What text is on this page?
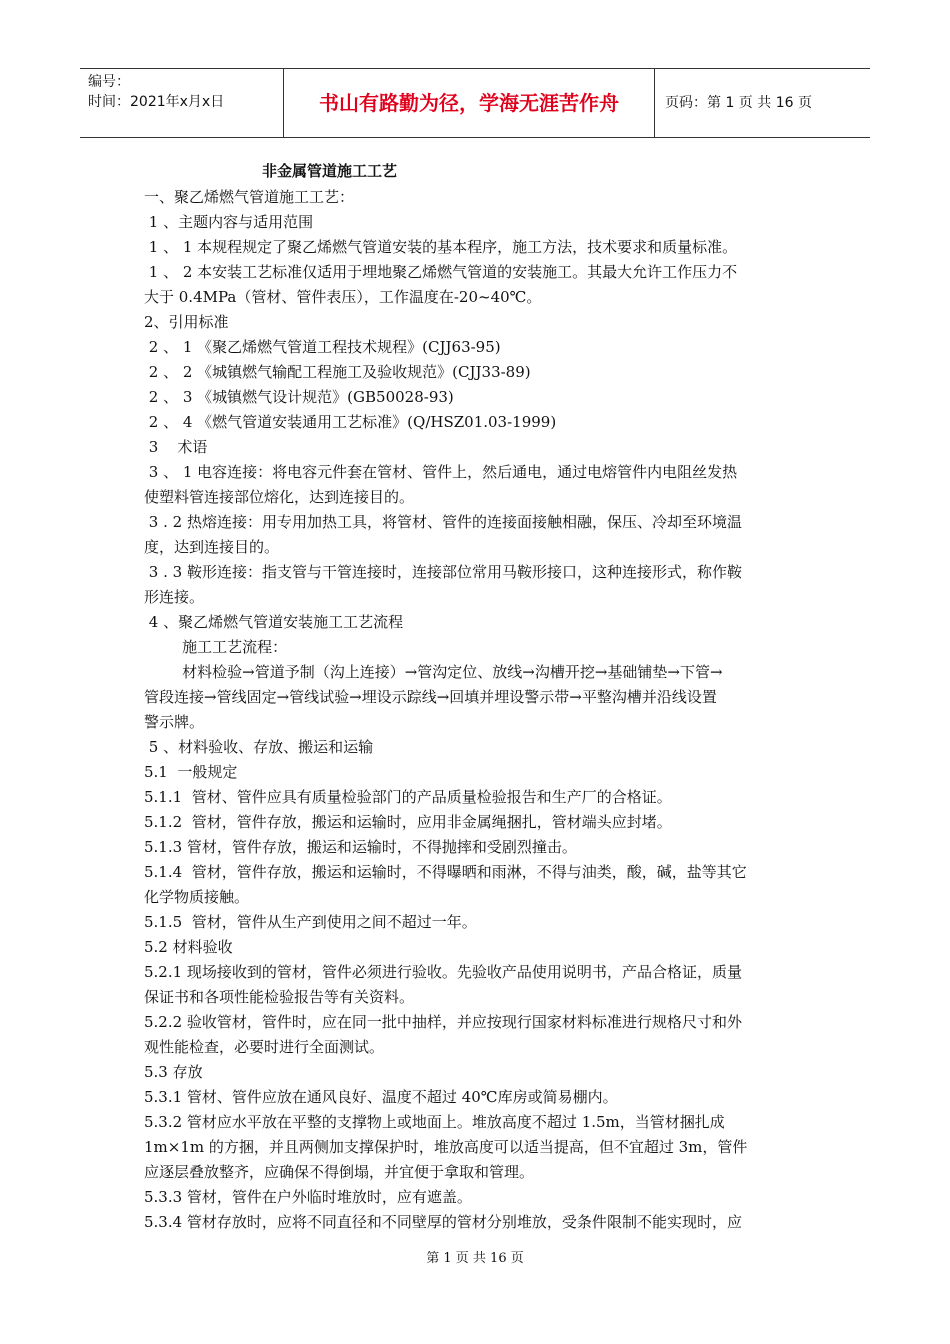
编号：
时间：2021年x月x日	书山有路勤为径，学海无涯苦作舟	页码：第 1 页 共 16 页
非金属管道施工工艺

一、聚乙烯燃气管道施工工艺：

1 、主题内容与适用范围

1 、 1 本规程规定了聚乙烯燃气管道安装的基本程序，施工方法，技术要求和质量标准。

1 、 2 本安装工艺标准仅适用于埋地聚乙烯燃气管道的安装施工。其最大允许工作压力不

大于 0.4MPa（管材、管件表压），工作温度在-20~40℃。

2、引用标准

2 、 1 《聚乙烯燃气管道工程技术规程》(CJJ63-95)

2 、 2 《城镇燃气输配工程施工及验收规范》(CJJ33-89)

2 、 3 《城镇燃气设计规范》(GB50028-93)

2 、 4 《燃气管道安装通用工艺标准》(Q/HSZ01.03-1999)

3    术语

3 、 1 电容连接：将电容元件套在管材、管件上，然后通电，通过电熔管件内电阻丝发热

使塑料管连接部位熔化，达到连接目的。

3 . 2 热熔连接：用专用加热工具，将管材、管件的连接面接触相融，保压、冷却至环境温

度，达到连接目的。

3 . 3 鞍形连接：指支管与干管连接时，连接部位常用马鞍形接口，这种连接形式，称作鞍

形连接。

4 、聚乙烯燃气管道安装施工工艺流程

施工工艺流程：

材料检验→管道予制（沟上连接）→管沟定位、放线→沟槽开挖→基础铺垫→下管→

管段连接→管线固定→管线试验→埋设示踪线→回填并埋设警示带→平整沟槽并沿线设置

警示牌。

5 、材料验收、存放、搬运和运输

5.1  一般规定

5.1.1  管材、管件应具有质量检验部门的产品质量检验报告和生产厂的合格证。

5.1.2  管材，管件存放，搬运和运输时，应用非金属绳捆扎，管材端头应封堵。

5.1.3 管材，管件存放，搬运和运输时，不得抛摔和受剧烈撞击。

5.1.4  管材，管件存放，搬运和运输时，不得曝晒和雨淋，不得与油类，酸，碱，盐等其它

化学物质接触。

5.1.5  管材，管件从生产到使用之间不超过一年。

5.2 材料验收

5.2.1 现场接收到的管材，管件必须进行验收。先验收产品使用说明书，产品合格证，质量

保证书和各项性能检验报告等有关资料。

5.2.2 验收管材，管件时，应在同一批中抽样，并应按现行国家材料标准进行规格尺寸和外

观性能检查，必要时进行全面测试。

5.3 存放

5.3.1 管材、管件应放在通风良好、温度不超过 40℃库房或简易棚内。

5.3.2 管材应水平放在平整的支撑物上或地面上。堆放高度不超过 1.5m，当管材捆扎成

1m×1m 的方捆，并且两侧加支撑保护时，堆放高度可以适当提高，但不宜超过 3m，管件

应逐层叠放整齐，应确保不得倒塌，并宜便于拿取和管理。

5.3.3 管材，管件在户外临时堆放时，应有遮盖。

5.3.4 管材存放时，应将不同直径和不同壁厚的管材分别堆放，受条件限制不能实现时，应

第 1 页 共 16 页
